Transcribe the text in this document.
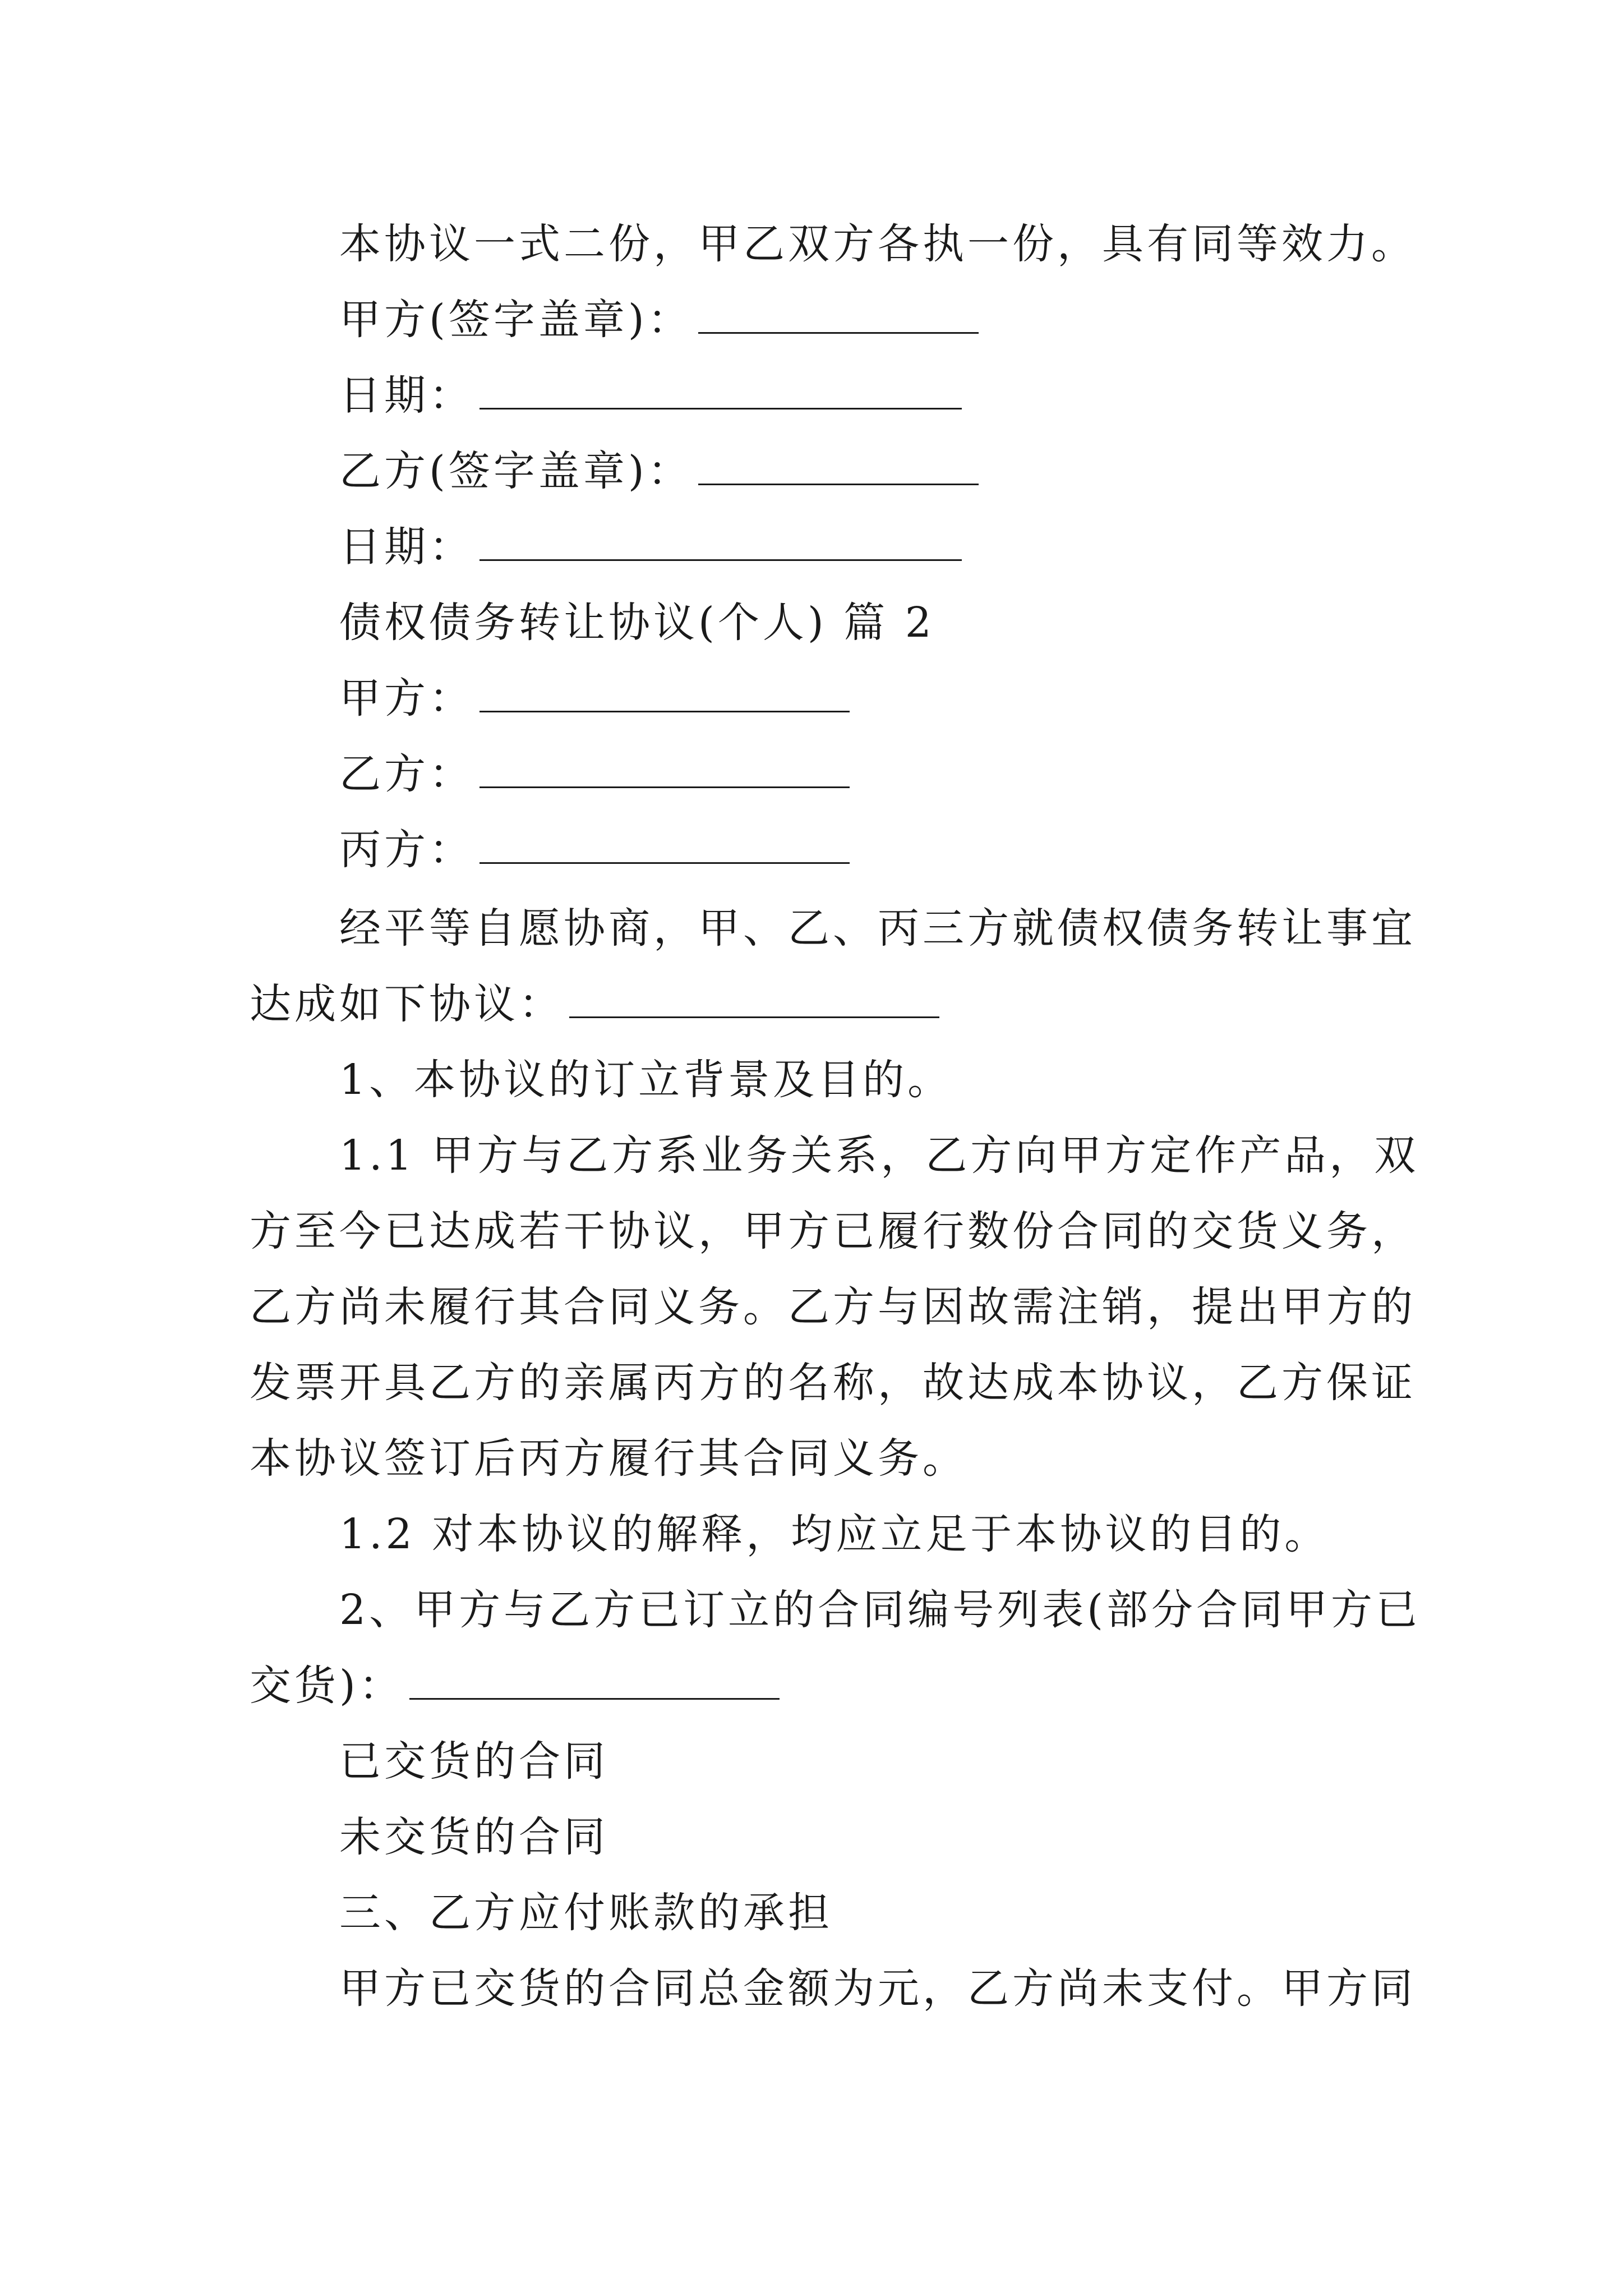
本协议一式二份，甲乙双方各执一份，具有同等效力。
甲方(签字盖章)：
日期：
乙方(签字盖章)：
日期：
债权债务转让协议(个人) 篇 2
甲方：
乙方：
丙方：
经平等自愿协商，甲、乙、丙三方就债权债务转让事宜
达成如下协议：
1、本协议的订立背景及目的。
1.1 甲方与乙方系业务关系，乙方向甲方定作产品，双
方至今已达成若干协议，甲方已履行数份合同的交货义务，
乙方尚未履行其合同义务。乙方与因故需注销，提出甲方的
发票开具乙方的亲属丙方的名称，故达成本协议，乙方保证
本协议签订后丙方履行其合同义务。
1.2 对本协议的解释，均应立足于本协议的目的。
2、甲方与乙方已订立的合同编号列表(部分合同甲方已
交货)：
已交货的合同
未交货的合同
三、乙方应付账款的承担
甲方已交货的合同总金额为元，乙方尚未支付。甲方同
